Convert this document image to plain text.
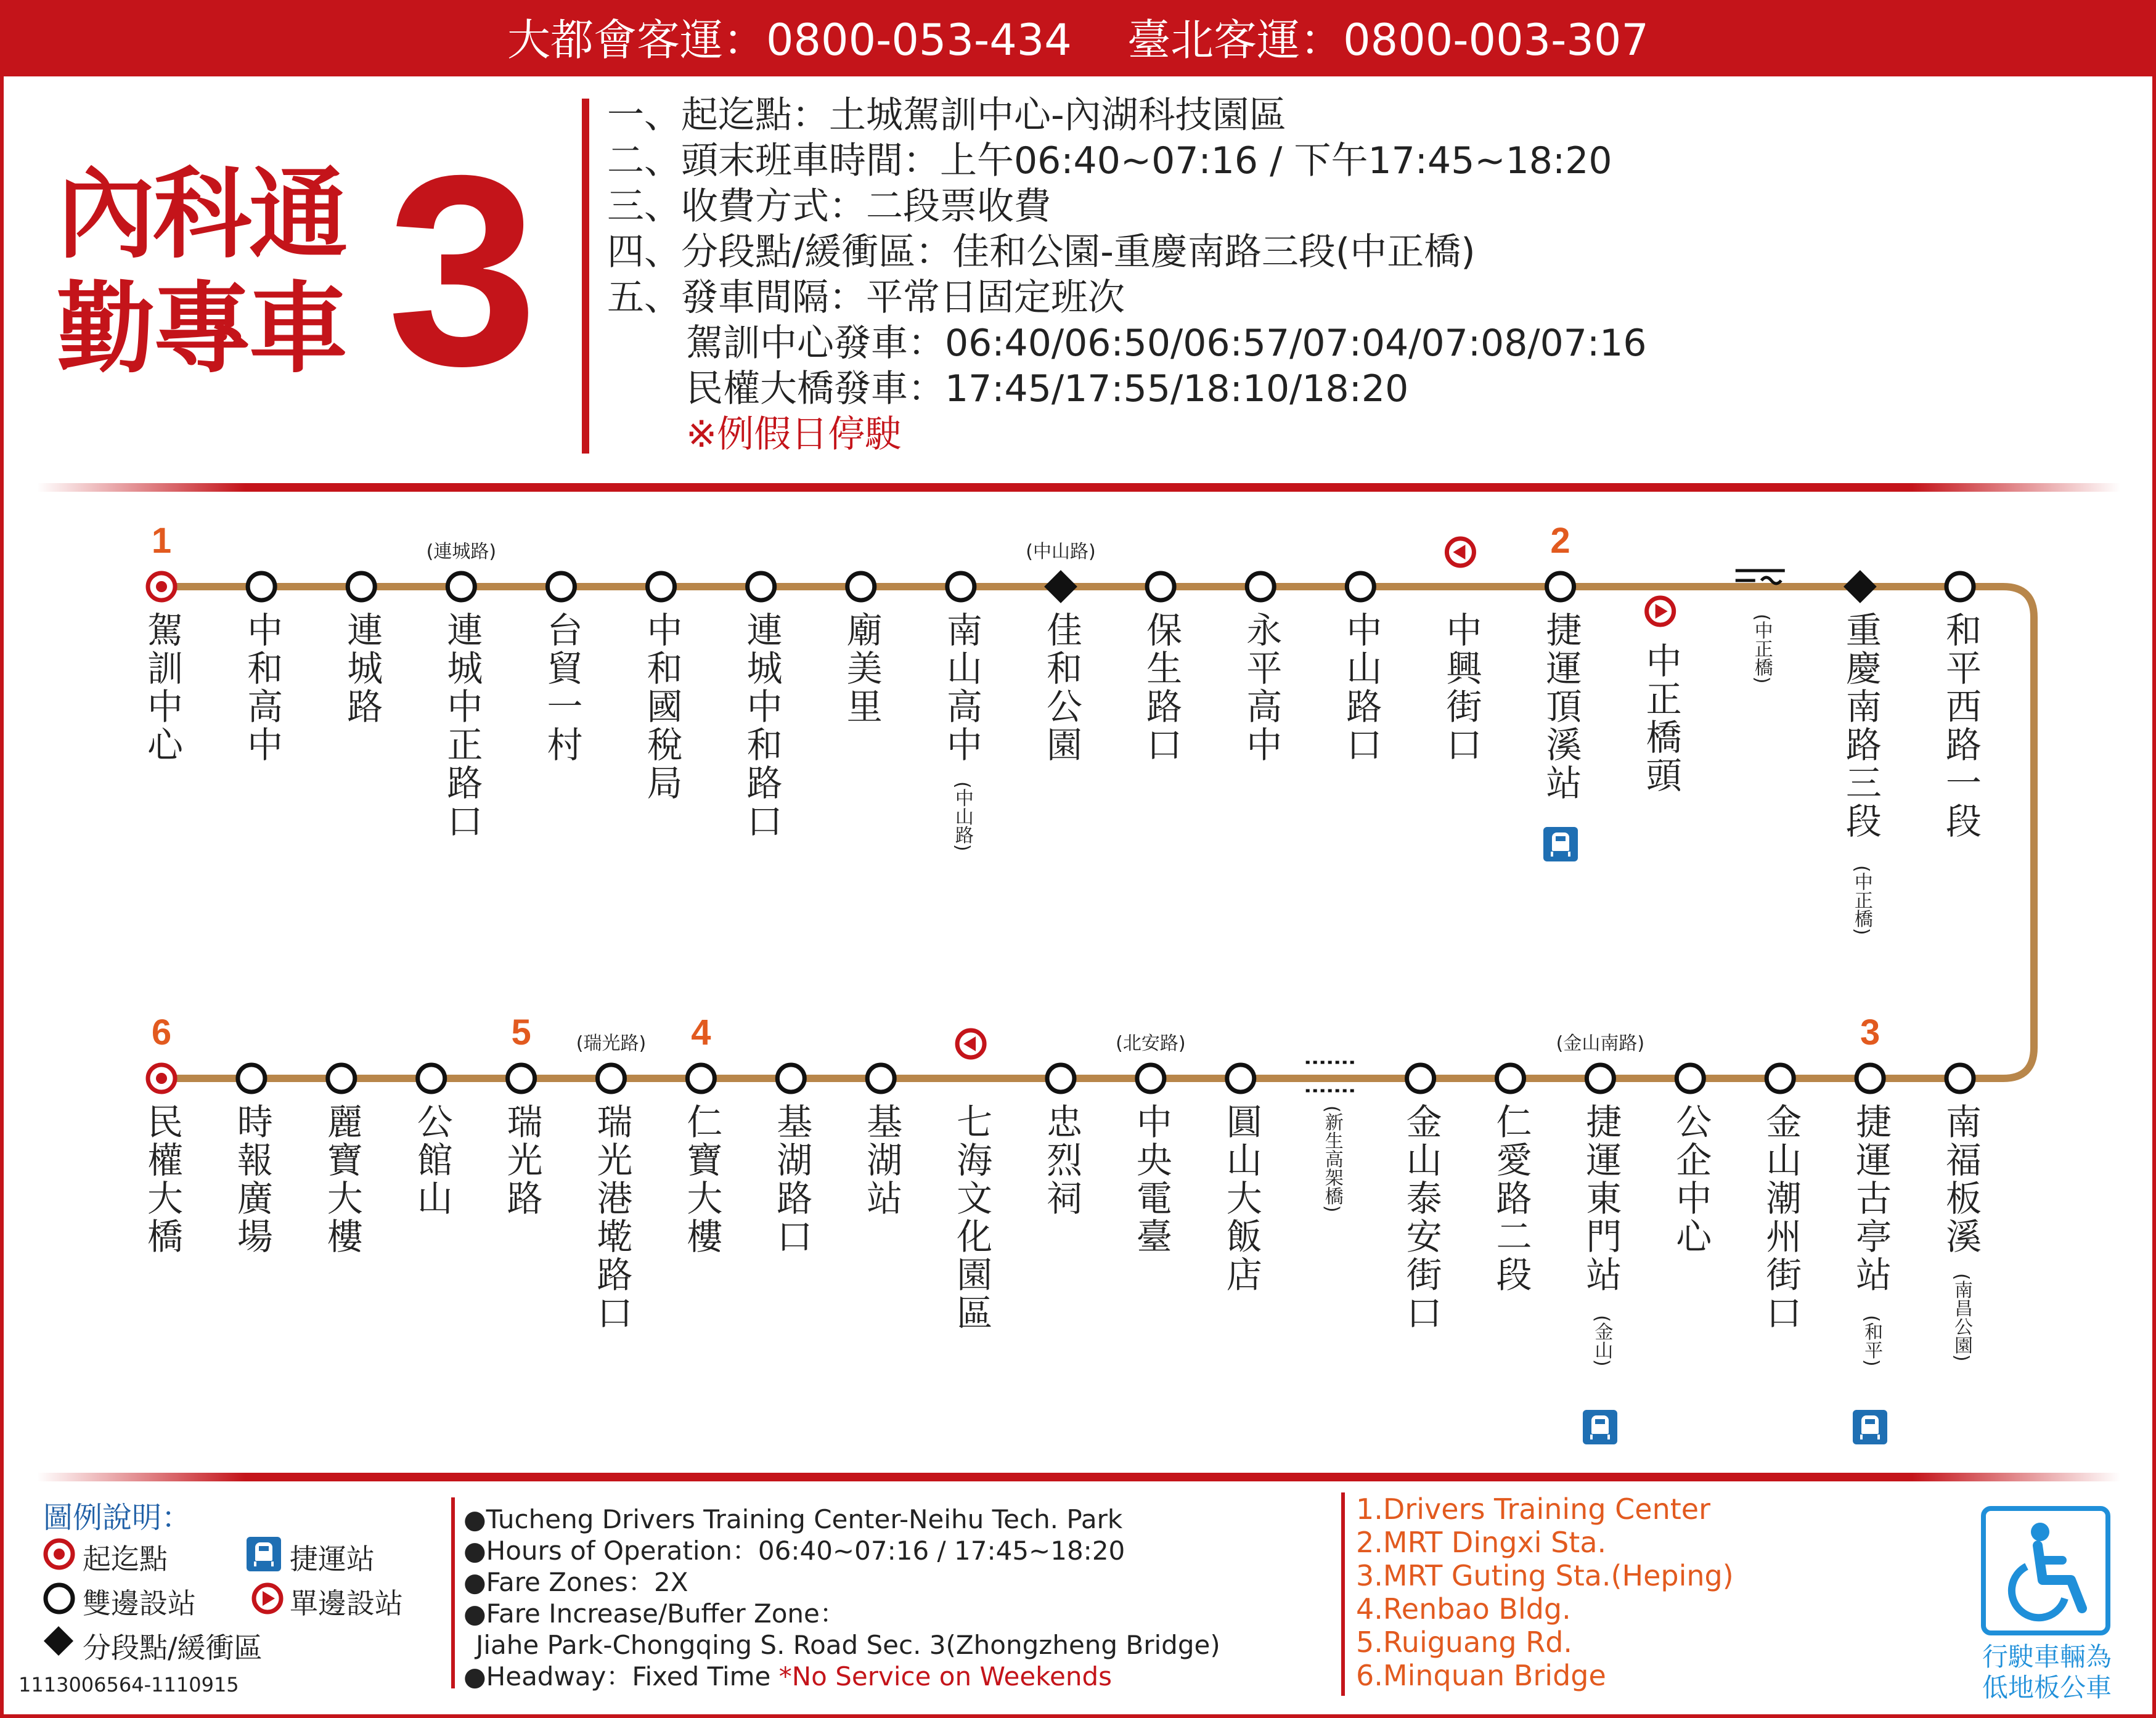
大都會客運：0800-053-434 臺北客運：0800-003-307
內科通
勤專車 3
一、起迄點：土城駕訓中心-內湖科技園區
二、頭末班車時間：上午06:40~07:16 / 下午17:45~18:20
三、收費方式：二段票收費
四、分段點/緩衝區：佳和公園-重慶南路三段(中正橋)
五、發車間隔：平常日固定班次
駕訓中心發車：06:40/06:50/06:57/07:04/07:08/07:16
民權大橋發車：17:45/17:55/18:10/18:20
※例假日停駛
1
駕訓中心 中和高中 連城路
(連城路)
連城中正路口 台貿一村 中和國稅局 連城中和路口 廟美里 南山高中
(中山路)
(中山路)
佳和公園 保生路口 永平高中 中山路口 中興街口
2
捷運頂溪站 中正橋頭	(中正橋) 重慶南路三段
(中正橋)
和平西路一段
6
民權大橋 時報廣場 麗寶大樓 公館山
5
瑞光路
(瑞光路)
瑞光港墘路口
4
仁寶大樓 基湖路口 基湖站 七海文化園區 忠烈祠
(北安路)
中央電臺 圓山大飯店	(新生高架橋) 金山泰安街口 仁愛路二段
(金山南路)
捷運東門站
(金山)
公企中心 金山潮州街口
3
捷運古亭站
(和平)
南福板溪
(南昌公園)
圖例說明：
起迄點	捷運站
雙邊設站	單邊設站
分段點/緩衝區
1113006564-1110915
●Tucheng Drivers Training Center-Neihu Tech. Park
●Hours of Operation：06:40~07:16 / 17:45~18:20
●Fare Zones：2X
●Fare Increase/Buffer Zone：
Jiahe Park-Chongqing S. Road Sec. 3(Zhongzheng Bridge)
●Headway：Fixed Time *No Service on Weekends
1.Drivers Training Center
2.MRT Dingxi Sta.
3.MRT Guting Sta.(Heping)
4.Renbao Bldg.
5.Ruiguang Rd.
6.Minquan Bridge
行駛車輛為
低地板公車
